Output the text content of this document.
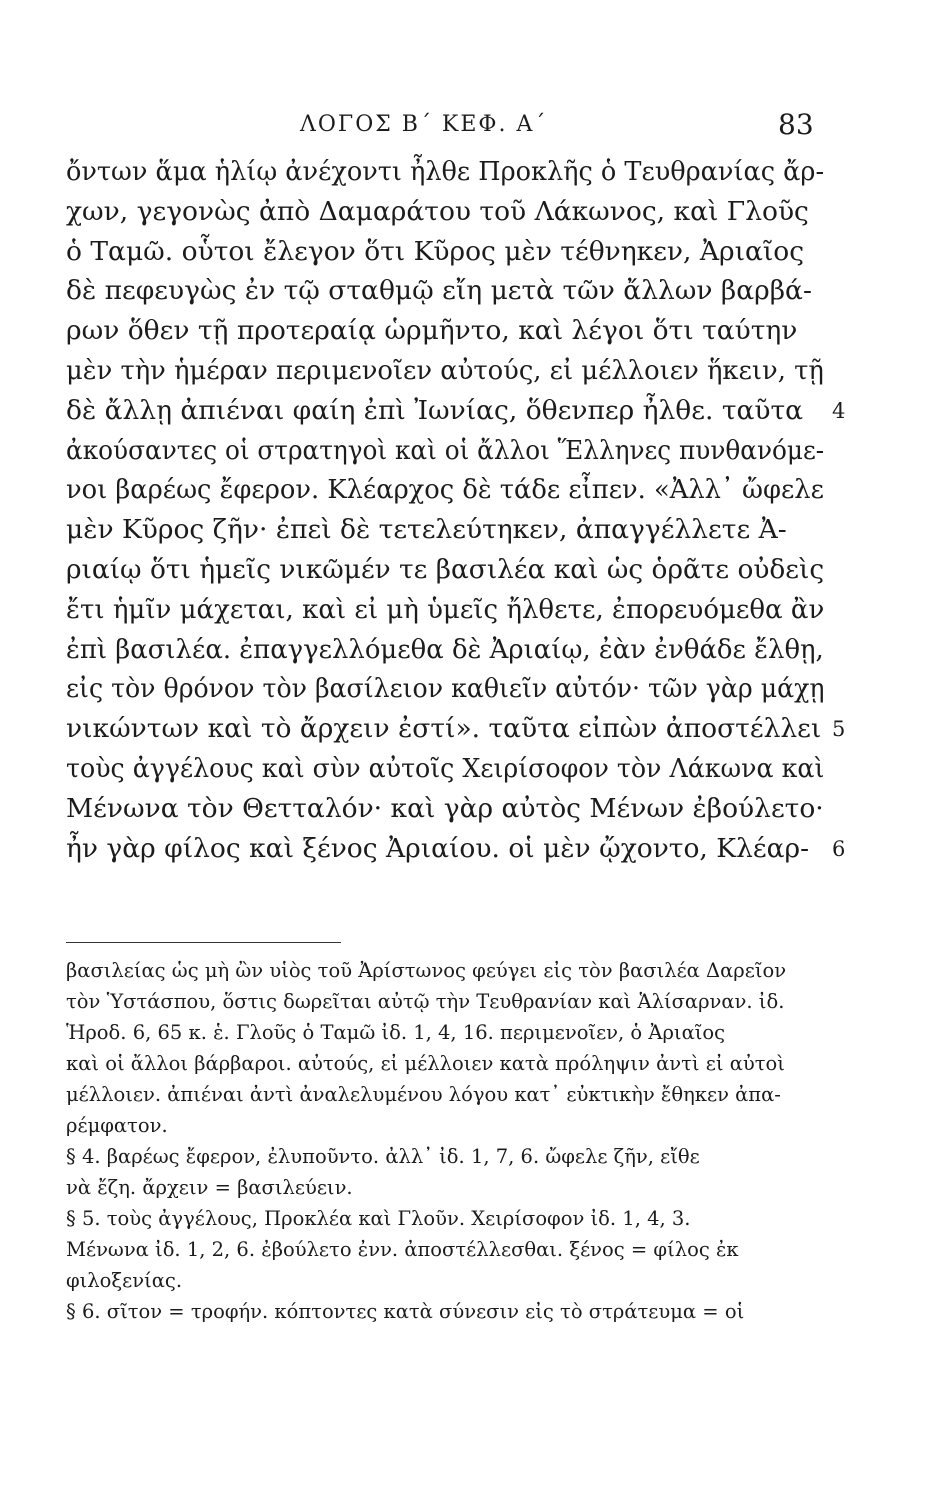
ΛΟΓΟΣ Β΄ ΚΕΦ. Α΄	83
ὄντων ἅμα ἡλίῳ ἀνέχοντι ἦλθε Προκλῆς ὁ Τευθρανίας ἄρ-
χων, γεγονὼς ἀπὸ Δαμαράτου τοῦ Λάκωνος, καὶ Γλοῦς
ὁ Ταμῶ. οὗτοι ἔλεγον ὅτι Κῦρος μὲν τέθνηκεν, Ἀριαῖος
δὲ πεφευγὼς ἐν τῷ σταθμῷ εἴη μετὰ τῶν ἄλλων βαρβά-
ρων ὅθεν τῇ προτεραίᾳ ὡρμῆντο, καὶ λέγοι ὅτι ταύτην
μὲν τὴν ἡμέραν περιμενοῖεν αὐτούς, εἰ μέλλοιεν ἥκειν, τῇ
δὲ ἄλλῃ ἀπιέναι φαίη ἐπὶ Ἰωνίας, ὅθενπερ ἦλθε. ταῦτα
ἀκούσαντες οἱ στρατηγοὶ καὶ οἱ ἄλλοι Ἕλληνες πυνθανόμε-
νοι βαρέως ἔφερον. Κλέαρχος δὲ τάδε εἶπεν. «Ἀλλ᾽ ὤφελε
μὲν Κῦρος ζῆν· ἐπεὶ δὲ τετελεύτηκεν, ἀπαγγέλλετε Ἀ-
ριαίῳ ὅτι ἡμεῖς νικῶμέν τε βασιλέα καὶ ὡς ὁρᾶτε οὐδεὶς
ἔτι ἡμῖν μάχεται, καὶ εἰ μὴ ὑμεῖς ἤλθετε, ἐπορευόμεθα ἂν
ἐπὶ βασιλέα. ἐπαγγελλόμεθα δὲ Ἀριαίῳ, ἐὰν ἐνθάδε ἔλθῃ,
εἰς τὸν θρόνον τὸν βασίλειον καθιεῖν αὐτόν· τῶν γὰρ μάχῃ
νικώντων καὶ τὸ ἄρχειν ἐστί». ταῦτα εἰπὼν ἀποστέλλει
τοὺς ἀγγέλους καὶ σὺν αὐτοῖς Χειρίσοφον τὸν Λάκωνα καὶ
Μένωνα τὸν Θετταλόν· καὶ γὰρ αὐτὸς Μένων ἐβούλετο·
ἦν γὰρ φίλος καὶ ξένος Ἀριαίου. οἱ μὲν ᾤχοντο, Κλέαρ-
4
5
6
βασιλείας ὡς μὴ ὢν υἱὸς τοῦ Ἀρίστωνος φεύγει εἰς τὸν βασιλέα Δαρεῖον
τὸν Ὑστάσπου, ὅστις δωρεῖται αὐτῷ τὴν Τευθρανίαν καὶ Ἁλίσαρναν. ἰδ.
Ἡροδ. 6, 65 κ. ἑ. Γλοῦς ὁ Ταμῶ ἰδ. 1, 4, 16. περιμενοῖεν, ὁ Ἀριαῖος
καὶ οἱ ἄλλοι βάρβαροι. αὐτούς, εἰ μέλλοιεν κατὰ πρόληψιν ἀντὶ εἰ αὐτοὶ
μέλλοιεν. ἀπιέναι ἀντὶ ἀναλελυμένου λόγου κατ᾽ εὐκτικὴν ἔθηκεν ἀπα-
ρέμφατον.
§ 4. βαρέως ἔφερον, ἐλυποῦντο. ἀλλ᾽ ἰδ. 1, 7, 6. ὤφελε ζῆν, εἴθε
νὰ ἔζη. ἄρχειν = βασιλεύειν.
§ 5. τοὺς ἀγγέλους, Προκλέα καὶ Γλοῦν. Χειρίσοφον ἰδ. 1, 4, 3.
Μένωνα ἰδ. 1, 2, 6. ἐβούλετο ἐνν. ἀποστέλλεσθαι. ξένος = φίλος ἐκ
φιλοξενίας.
§ 6. σῖτον = τροφήν. κόπτοντες κατὰ σύνεσιν εἰς τὸ στράτευμα = οἱ
